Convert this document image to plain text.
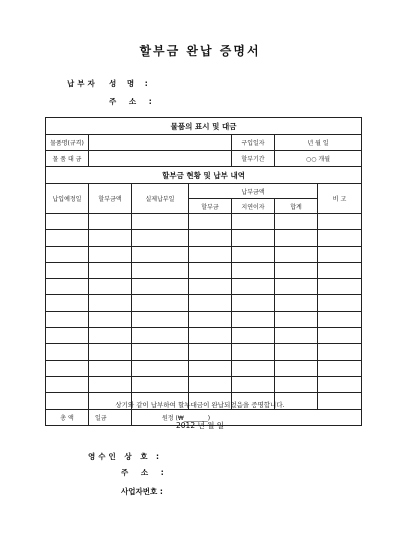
할부금 완납 증명서
납부자 성 명 :
주 소 :
물품의 표시 및 대금						
물품명(규격)				구입일자	년 월 일	
물 품 대 금				할부기간	○○ 개월	
할부금 현황 및 납부 내역						
납입예정일	할부금액	실제납부일	납부금액			비 고
			할부금	지연이자	합계	

총 액	일금	원정 (₩________)				
상기와 같이 납부하여 할부대금이 완납되었음을 증명합니다.
2012 년 월 일
영수인 상 호 :
주 소 :
사업자번호 :
